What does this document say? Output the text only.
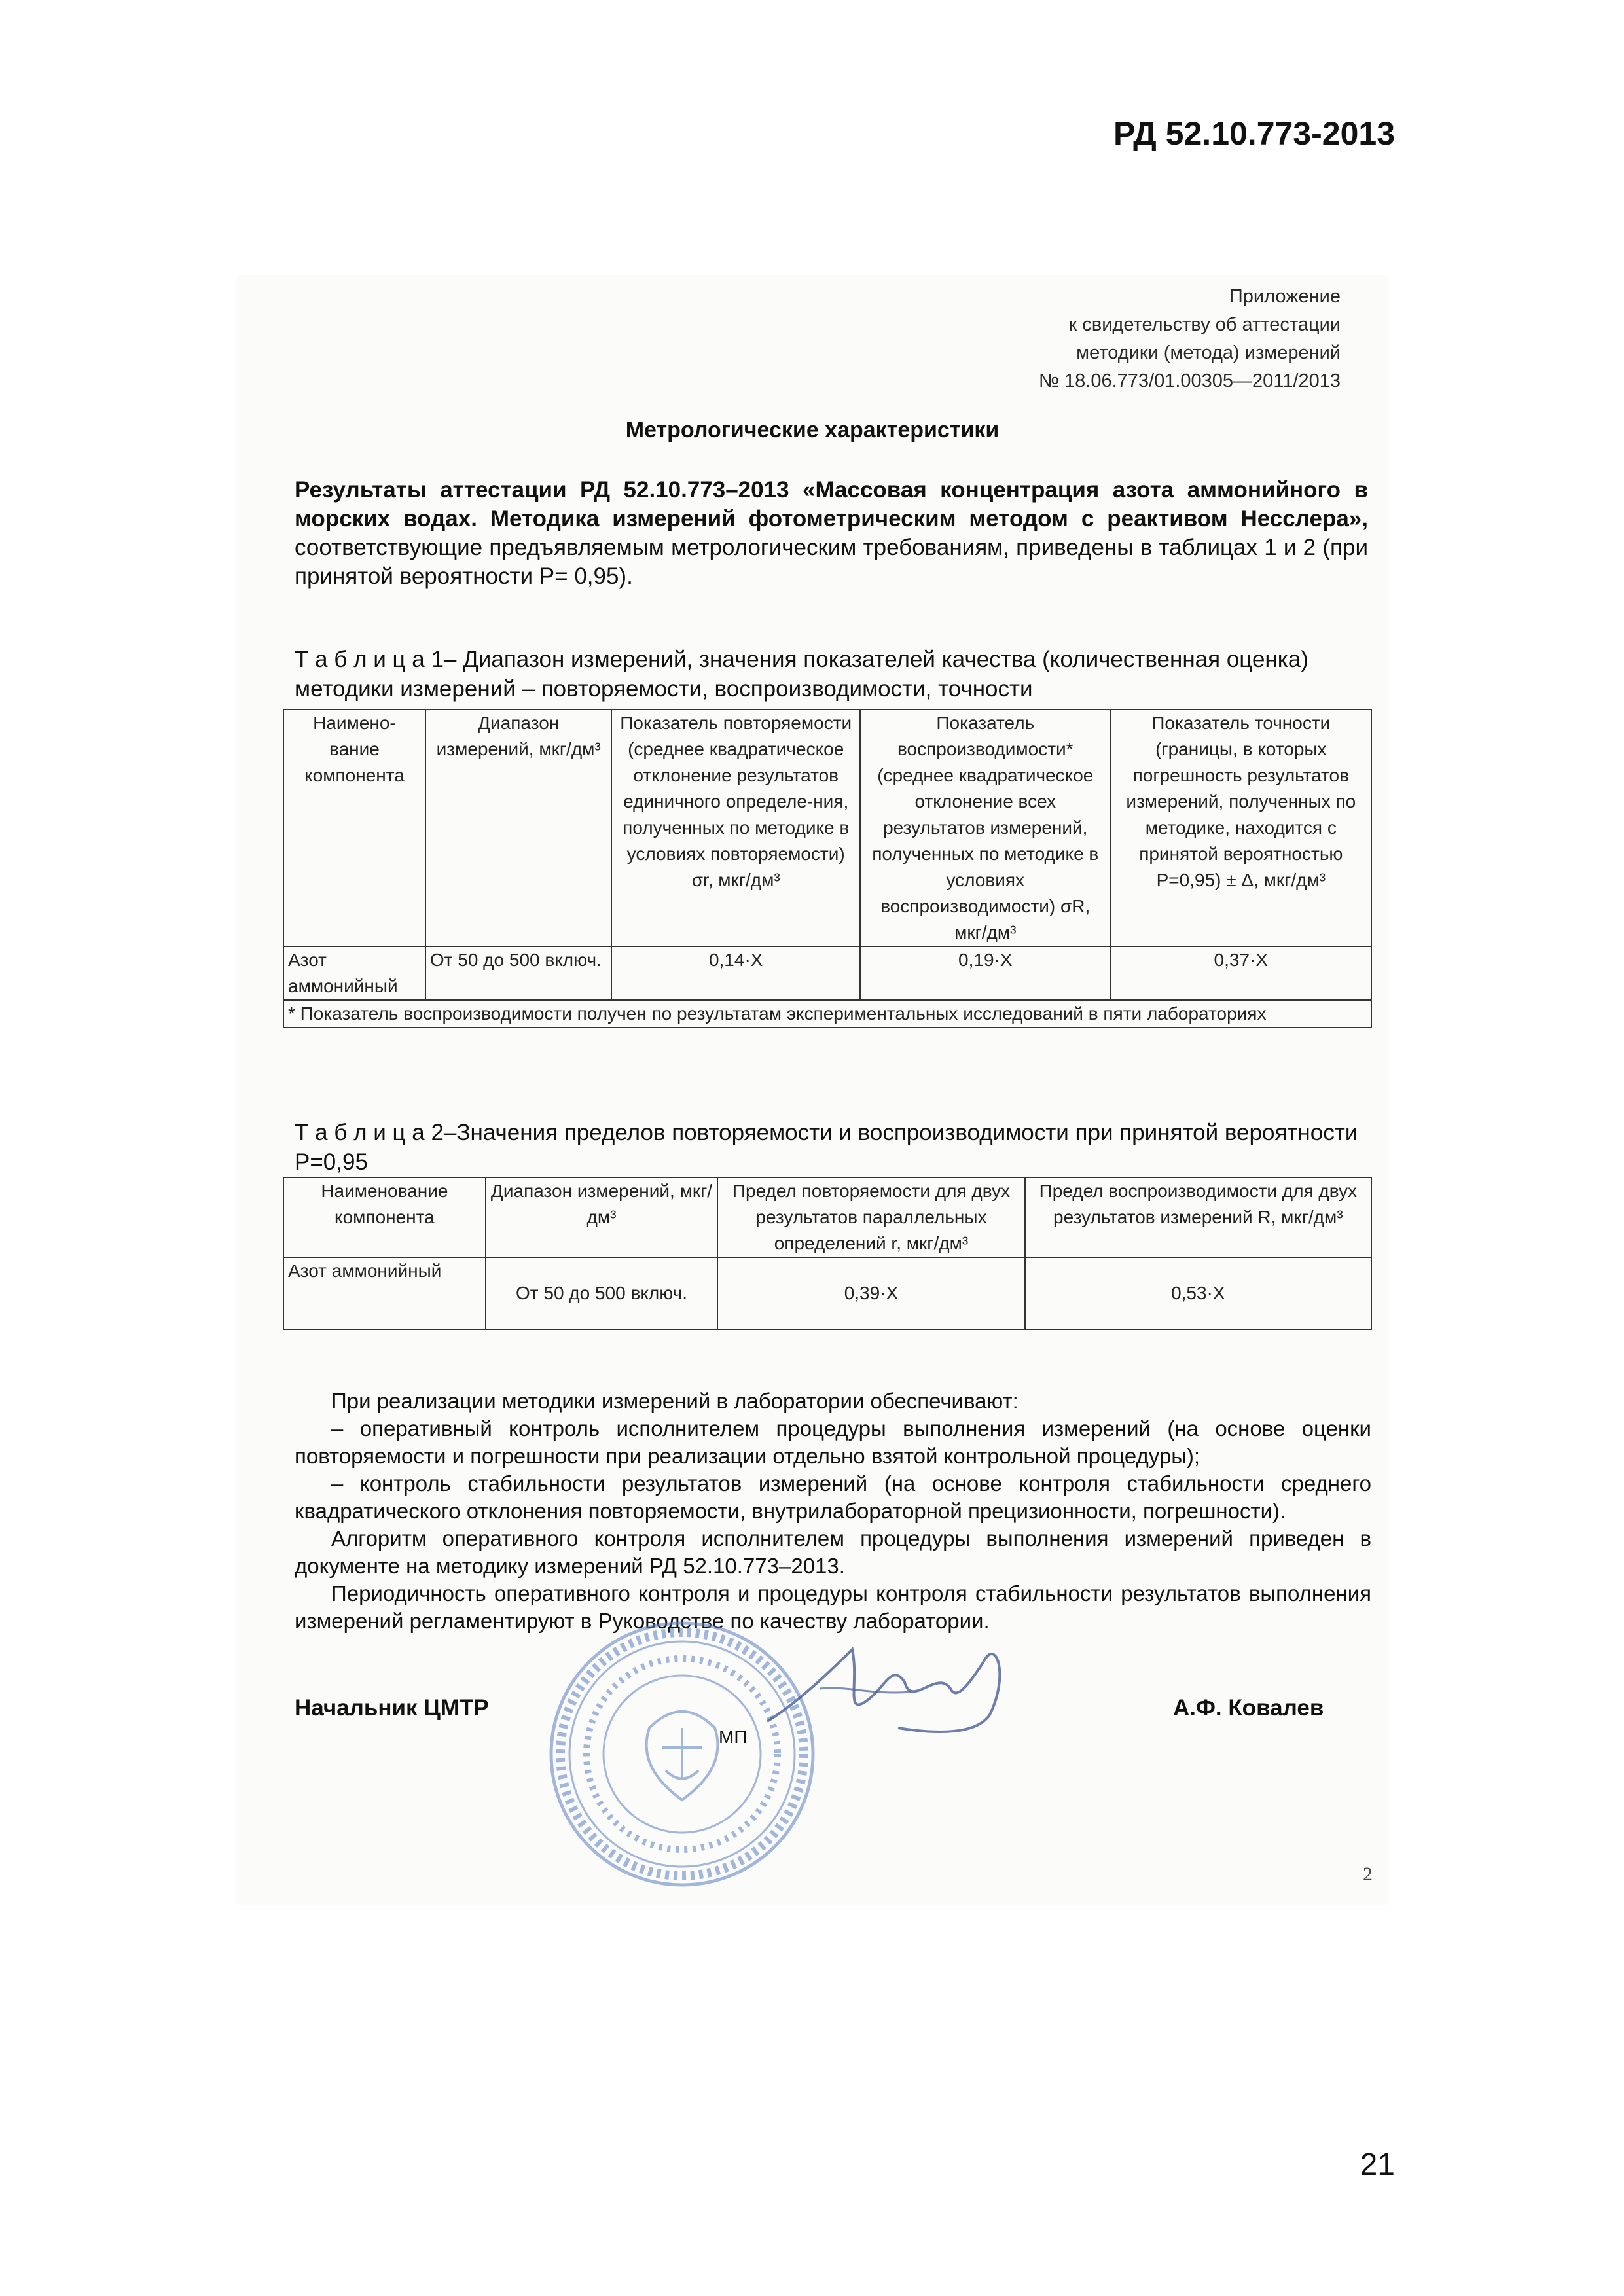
РД 52.10.773-2013
Приложение
к свидетельству об аттестации
методики (метода) измерений
№ 18.06.773/01.00305—2011/2013
Метрологические характеристики
Результаты аттестации РД 52.10.773–2013 «Массовая концентрация азота аммонийного в морских водах. Методика измерений фотометрическим методом с реактивом Несслера», соответствующие предъявляемым метрологическим требованиям, приведены в таблицах 1 и 2 (при принятой вероятности Р= 0,95).
Т а б л и ц а 1– Диапазон измерений, значения показателей качества (количественная оценка) методики измерений – повторяемости, воспроизводимости, точности
Наимено-вание компонента	Диапазон измерений, мкг/дм³	Показатель повторяемости (среднее квадратическое отклонение результатов единичного определе-ния, полученных по методике в условиях повторяемости) σr, мкг/дм³	Показатель воспроизводимости* (среднее квадратическое отклонение всех результатов измерений, полученных по методике в условиях воспроизводимости) σR, мкг/дм³	Показатель точности (границы, в которых погрешность результатов измерений, полученных по методике, находится с принятой вероятностью Р=0,95) ± Δ, мкг/дм³
Азот аммонийный	От 50 до 500 включ.	0,14·X	0,19·X	0,37·X
* Показатель воспроизводимости получен по результатам экспериментальных исследований в пяти лабораториях				
Т а б л и ц а 2–Значения пределов повторяемости и воспроизводимости при принятой вероятности Р=0,95
Наименование компонента	Диапазон измерений, мкг/дм³	Предел повторяемости для двух результатов параллельных определений r, мкг/дм³	Предел воспроизводимости для двух результатов измерений R, мкг/дм³
Азот аммонийный	От 50 до 500 включ.	0,39·X	0,53·X

При реализации методики измерений в лаборатории обеспечивают:

– оперативный контроль исполнителем процедуры выполнения измерений (на основе оценки повторяемости и погрешности при реализации отдельно взятой контрольной процедуры);

– контроль стабильности результатов измерений (на основе контроля стабильности среднего квадратического отклонения повторяемости, внутрилабораторной прецизионности, погрешности).

Алгоритм оперативного контроля исполнителем процедуры выполнения измерений приведен в документе на методику измерений РД 52.10.773–2013.

Периодичность оперативного контроля и процедуры контроля стабильности результатов выполнения измерений регламентируют в Руководстве по качеству лаборатории.

Начальник ЦМТР
МП
А.Ф. Ковалев
2
21
